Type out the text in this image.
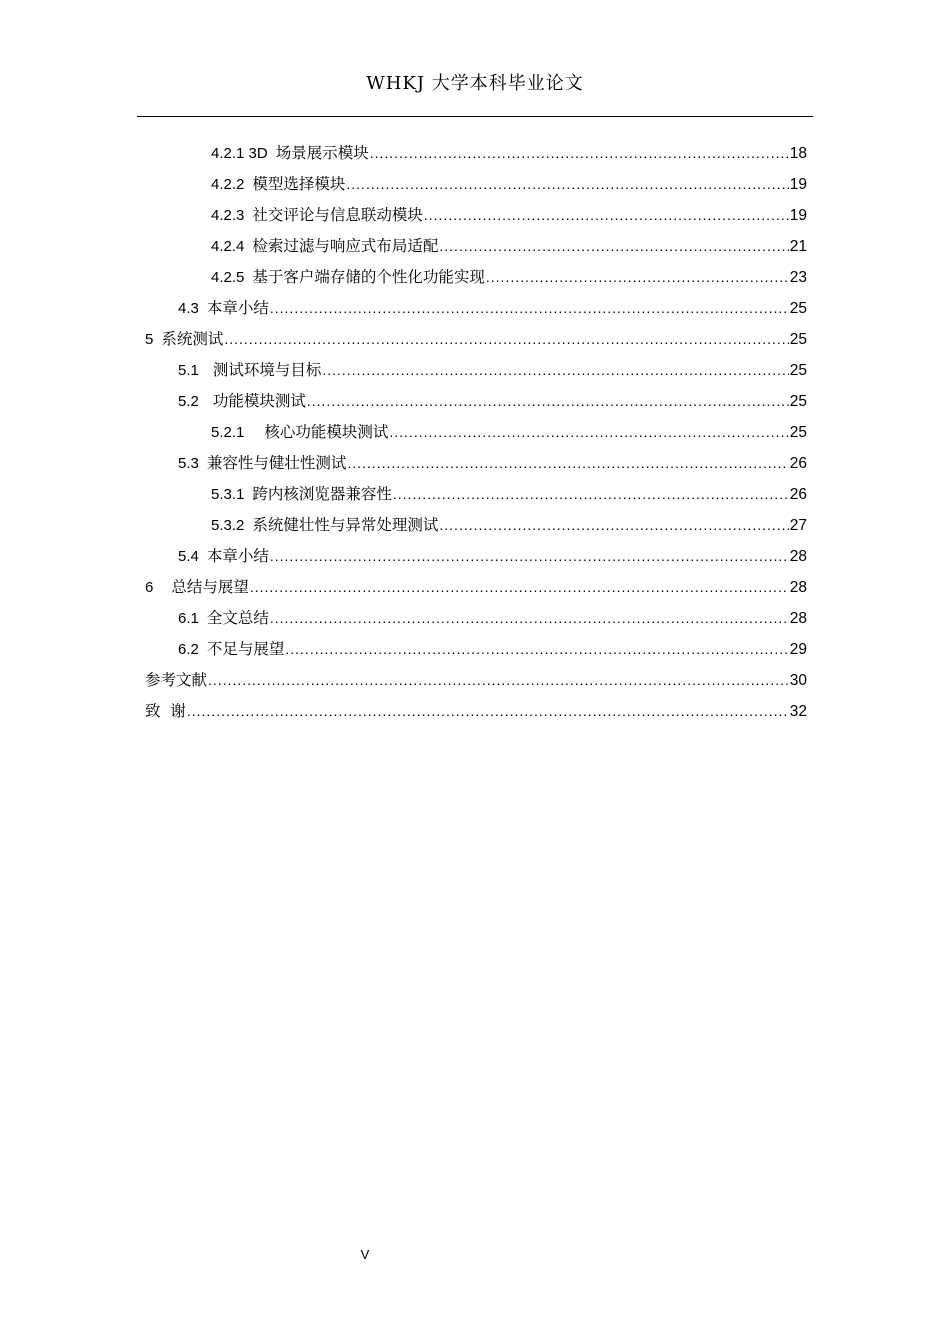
WHKJ 大学本科毕业论文
4.2.1 3D 场景展示模块 .....	18
4.2.2 模型选择模块 .....	19
4.2.3 社交评论与信息联动模块 .....	19
4.2.4 检索过滤与响应式布局适配 .....	21
4.2.5 基于客户端存储的个性化功能实现 .....	23
4.3 本章小结 .....	25
5 系统测试 .....	25
5.1 测试环境与目标 .....	25
5.2 功能模块测试 .....	25
5.2.1 核心功能模块测试 .....	25
5.3 兼容性与健壮性测试 .....	26
5.3.1 跨内核浏览器兼容性 .....	26
5.3.2 系统健壮性与异常处理测试 .....	27
5.4 本章小结 .....	28
6 总结与展望 .....	28
6.1 全文总结 .....	28
6.2 不足与展望 .....	29
参考文献 .....	30
致  谢 .....	32
V
